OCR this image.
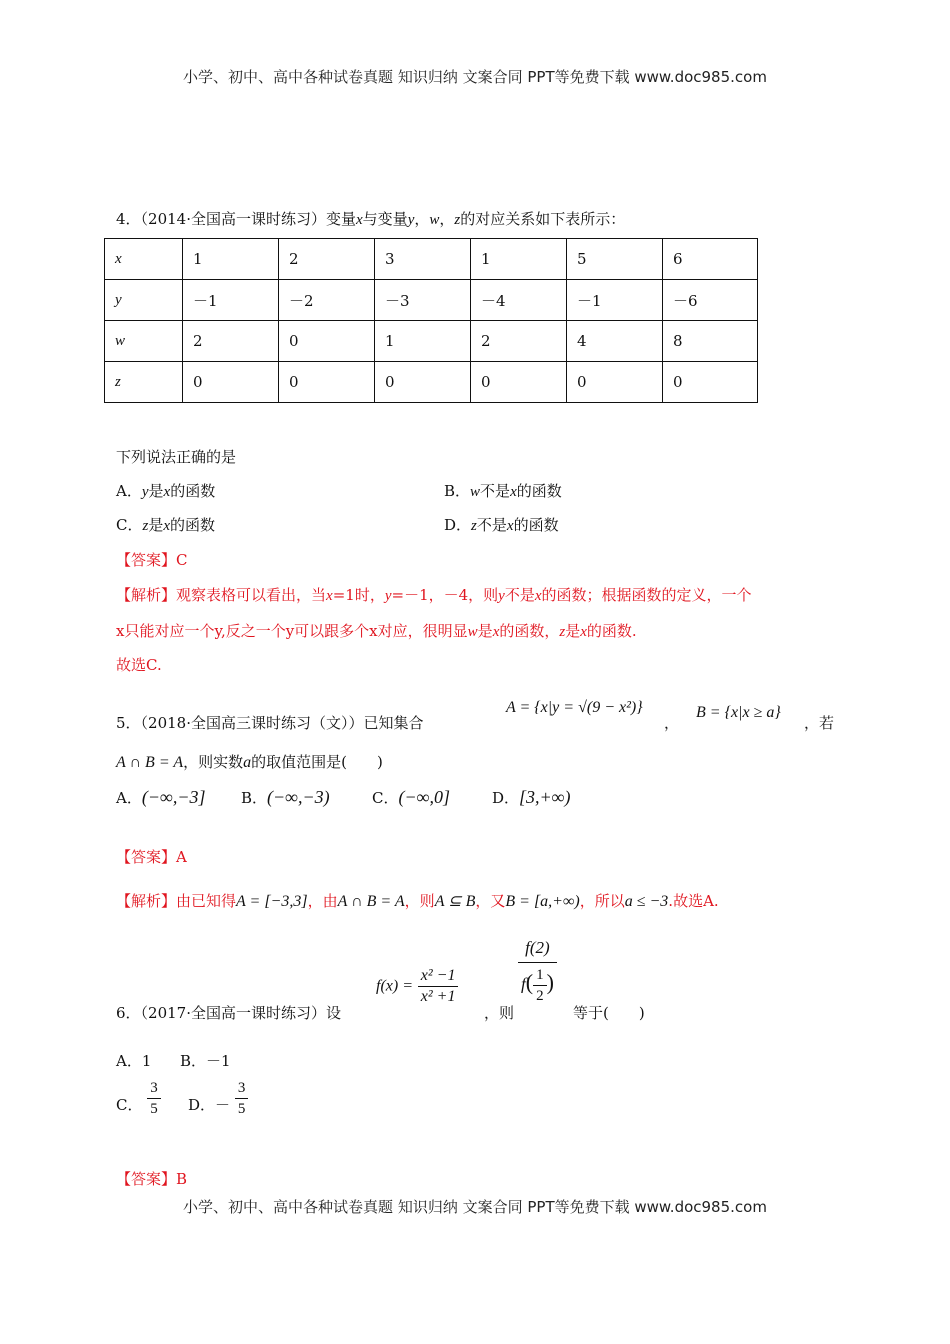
小学、初中、高中各种试卷真题 知识归纳 文案合同 PPT等免费下载 www.doc985.com
小学、初中、高中各种试卷真题 知识归纳 文案合同 PPT等免费下载 www.doc985.com
4．（2014·全国高一课时练习）变量x与变量y，w，z的对应关系如下表所示：
x	1	2	3	1	5	6
y	－1	－2	－3	－4	－1	－6
w	2	0	1	2	4	8
z	0	0	0	0	0	0
下列说法正确的是
A．y是x的函数	B．w不是x的函数
C．z是x的函数	D．z不是x的函数
【答案】C
【解析】观察表格可以看出，当x=1时，y=－1，－4，则y不是x的函数；根据函数的定义，一个
x只能对应一个y,反之一个y可以跟多个x对应，很明显w是x的函数，z是x的函数.
故选C.
5．（2018·全国高三课时练习（文））已知集合
A = {x|y = √(9 − x²)}
，
B = {x|x ≥ a}
，若
A ∩ B = A，则实数a的取值范围是(　　)
A．(−∞,−3] B．(−∞,−3)	C．(−∞,0]	D．[3,+∞)
【答案】A
【解析】由已知得A = [−3,3]，由A ∩ B = A，则A ⊆ B，又B = [a,+∞)，所以a ≤ −3.故选A.
6．（2017·全国高一课时练习）设
$f(x) = \frac{\text{x² −1}}{\text{x² +1}}$
，则
$\frac{f(2)}{f( \frac{1}{2} )}$
等于(　　)
A．1 B．－1
C． $\frac{3}{5}$ D．－ $\frac{3}{5}$
【答案】B
